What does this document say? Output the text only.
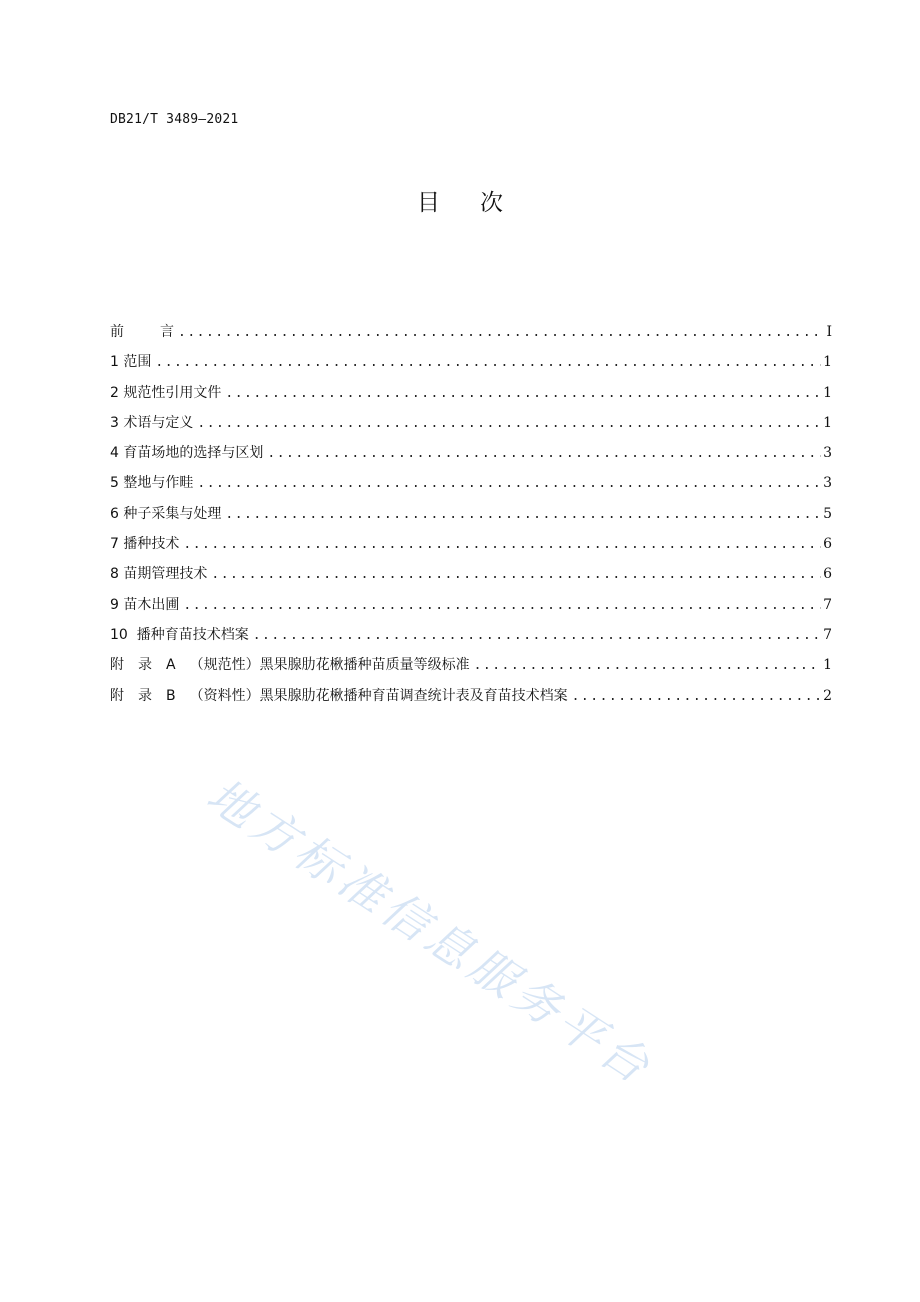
DB21/T 3489—2021
目次
前	言 .....	I
1 范围 .....	1
2 规范性引用文件 .....	1
3 术语与定义 .....	1
4 育苗场地的选择与区划 .....	3
5 整地与作畦 .....	3
6 种子采集与处理 .....	5
7 播种技术 .....	6
8 苗期管理技术 .....	6
9 苗木出圃 .....	7
10 播种育苗技术档案 .....	7
附　录　A （规范性）黑果腺肋花楸播种苗质量等级标准 .....	1
附　录　B （资料性）黑果腺肋花楸播种育苗调查统计表及育苗技术档案 .....	2
地方标准信息服务平台
